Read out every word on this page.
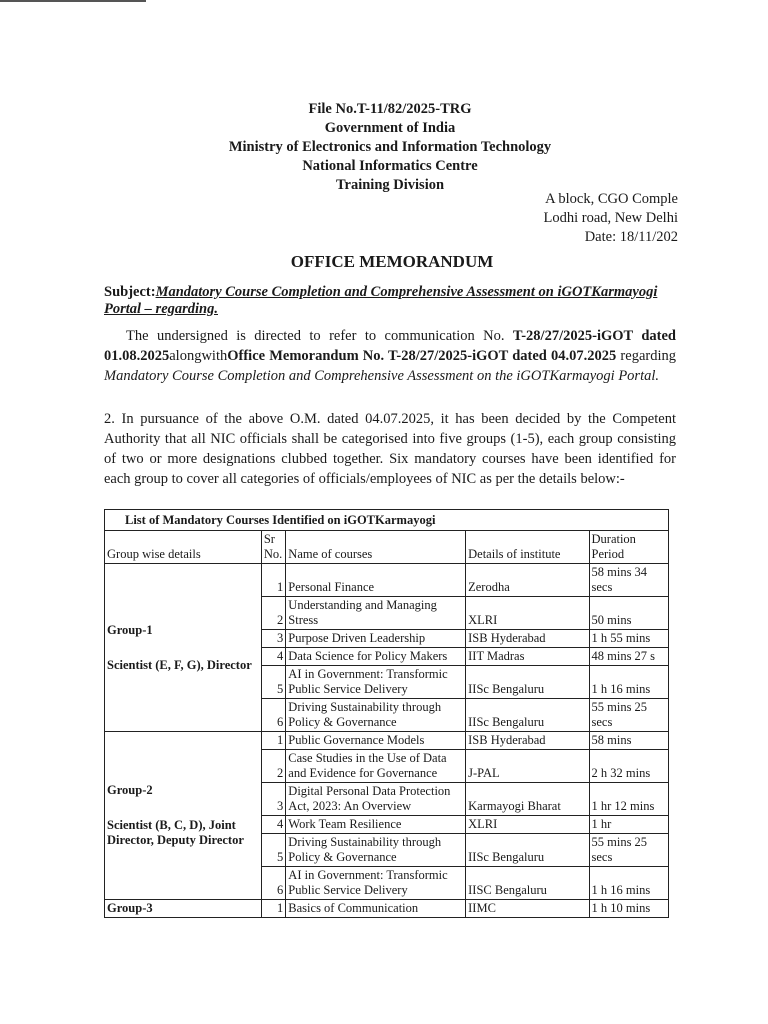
File No.T-11/82/2025-TRG
Government of India
Ministry of Electronics and Information Technology
National Informatics Centre
Training Division
A block, CGO Comple
Lodhi road, New Delhi
Date: 18/11/202
OFFICE MEMORANDUM
Subject:Mandatory Course Completion and Comprehensive Assessment on iGOTKarmayogi Portal – regarding.
The undersigned is directed to refer to communication No. T-28/27/2025-iGOT dated 01.08.2025alongwithOffice Memorandum No. T-28/27/2025-iGOT dated 04.07.2025 regarding Mandatory Course Completion and Comprehensive Assessment on the iGOTKarmayogi Portal.
2. In pursuance of the above O.M. dated 04.07.2025, it has been decided by the Competent Authority that all NIC officials shall be categorised into five groups (1-5), each group consisting of two or more designations clubbed together. Six mandatory courses have been identified for each group to cover all categories of officials/employees of NIC as per the details below:-
List of Mandatory Courses Identified on iGOTKarmayogi				
Group wise details	Sr No.	Name of courses	Details of institute	Duration Period
Group-1
Scientist (E, F, G), Director	1	Personal Finance	Zerodha	58 mins 34 secs
	2	Understanding and Managing Stress	XLRI	50 mins
	3	Purpose Driven Leadership	ISB Hyderabad	1 h 55 mins
	4	Data Science for Policy Makers	IIT Madras	48 mins 27 s
	5	AI in Government: Transformic Public Service Delivery	IISc Bengaluru	1 h 16 mins
	6	Driving Sustainability through Policy & Governance	IISc Bengaluru	55 mins 25 secs
Group-2
Scientist (B, C, D), Joint Director, Deputy Director	1	Public Governance Models	ISB Hyderabad	58 mins
	2	Case Studies in the Use of Data and Evidence for Governance	J-PAL	2 h 32 mins
	3	Digital Personal Data Protection Act, 2023: An Overview	Karmayogi Bharat	1 hr 12 mins
	4	Work Team Resilience	XLRI	1 hr
	5	Driving Sustainability through Policy & Governance	IISc Bengaluru	55 mins 25 secs
	6	AI in Government: Transformic Public Service Delivery	IISC Bengaluru	1 h 16 mins
Group-3	1	Basics of Communication	IIMC	1 h 10 mins
